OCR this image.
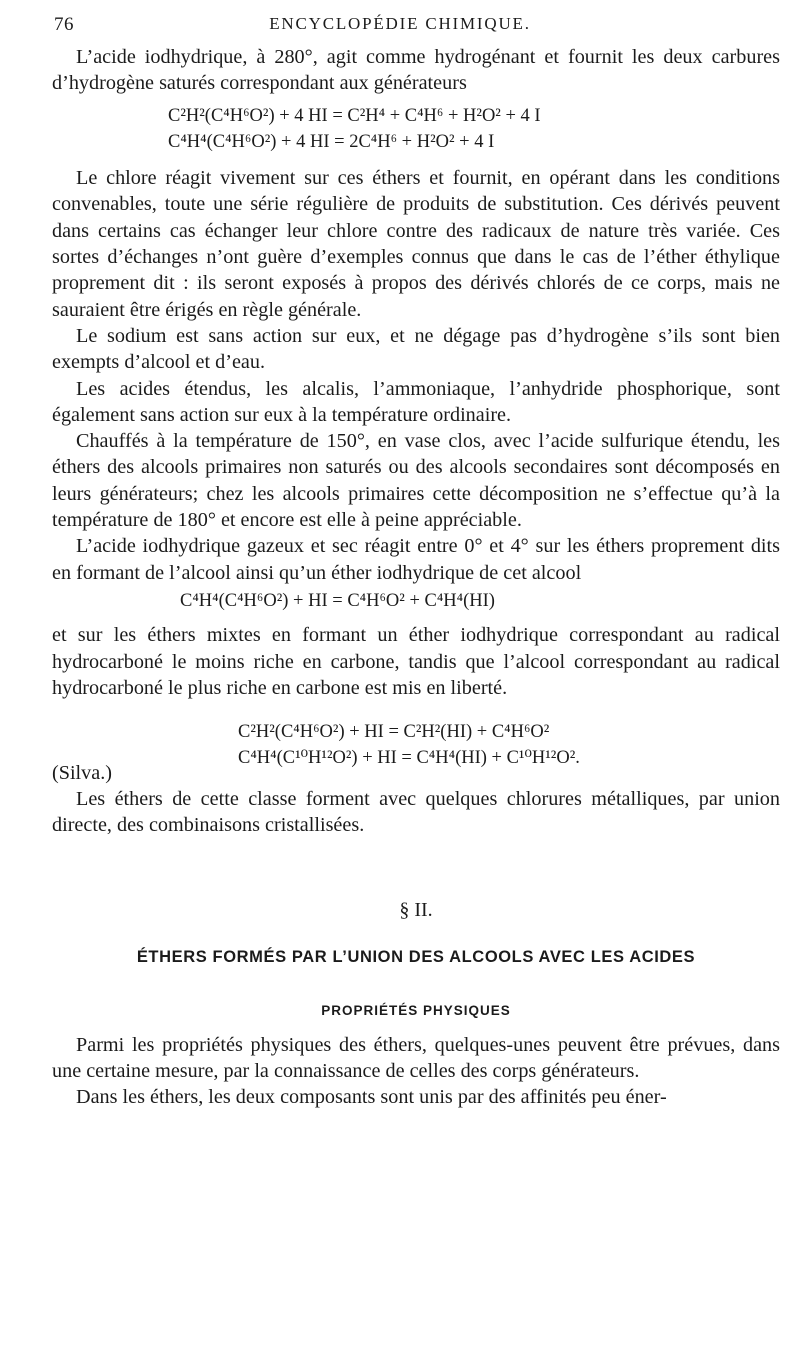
76	ENCYCLOPÉDIE CHIMIQUE.

L’acide iodhydrique, à 280°, agit comme hydrogénant et fournit les deux carbures d’hydrogène saturés correspondant aux générateurs

C²H²(C⁴H⁶O²) + 4 HI = C²H⁴ + C⁴H⁶ + H²O² + 4 I
C⁴H⁴(C⁴H⁶O²) + 4 HI = 2C⁴H⁶ + H²O² + 4 I

Le chlore réagit vivement sur ces éthers et fournit, en opérant dans les conditions convenables, toute une série régulière de produits de substitution. Ces dérivés peuvent dans certains cas échanger leur chlore contre des radicaux de nature très variée. Ces sortes d’échanges n’ont guère d’exemples connus que dans le cas de l’éther éthylique proprement dit : ils seront exposés à propos des dérivés chlorés de ce corps, mais ne sauraient être érigés en règle générale.

Le sodium est sans action sur eux, et ne dégage pas d’hydrogène s’ils sont bien exempts d’alcool et d’eau.

Les acides étendus, les alcalis, l’ammoniaque, l’anhydride phosphorique, sont également sans action sur eux à la température ordinaire.

Chauffés à la température de 150°, en vase clos, avec l’acide sulfurique étendu, les éthers des alcools primaires non saturés ou des alcools secondaires sont décomposés en leurs générateurs; chez les alcools primaires cette décomposition ne s’effectue qu’à la température de 180° et encore est elle à peine appréciable.

L’acide iodhydrique gazeux et sec réagit entre 0° et 4° sur les éthers proprement dits en formant de l’alcool ainsi qu’un éther iodhydrique de cet alcool

C⁴H⁴(C⁴H⁶O²) + HI = C⁴H⁶O² + C⁴H⁴(HI)

et sur les éthers mixtes en formant un éther iodhydrique correspondant au radical hydrocarboné le moins riche en carbone, tandis que l’alcool correspondant au radical hydrocarboné le plus riche en carbone est mis en liberté.

C²H²(C⁴H⁶O²) + HI = C²H²(HI) + C⁴H⁶O²
C⁴H⁴(C¹⁰H¹²O²) + HI = C⁴H⁴(HI) + C¹⁰H¹²O².

(Silva.)

Les éthers de cette classe forment avec quelques chlorures métalliques, par union directe, des combinaisons cristallisées.

§ II.
ÉTHERS FORMÉS PAR L’UNION DES ALCOOLS AVEC LES ACIDES
PROPRIÉTÉS PHYSIQUES

Parmi les propriétés physiques des éthers, quelques-unes peuvent être prévues, dans une certaine mesure, par la connaissance de celles des corps générateurs.

Dans les éthers, les deux composants sont unis par des affinités peu éner-
